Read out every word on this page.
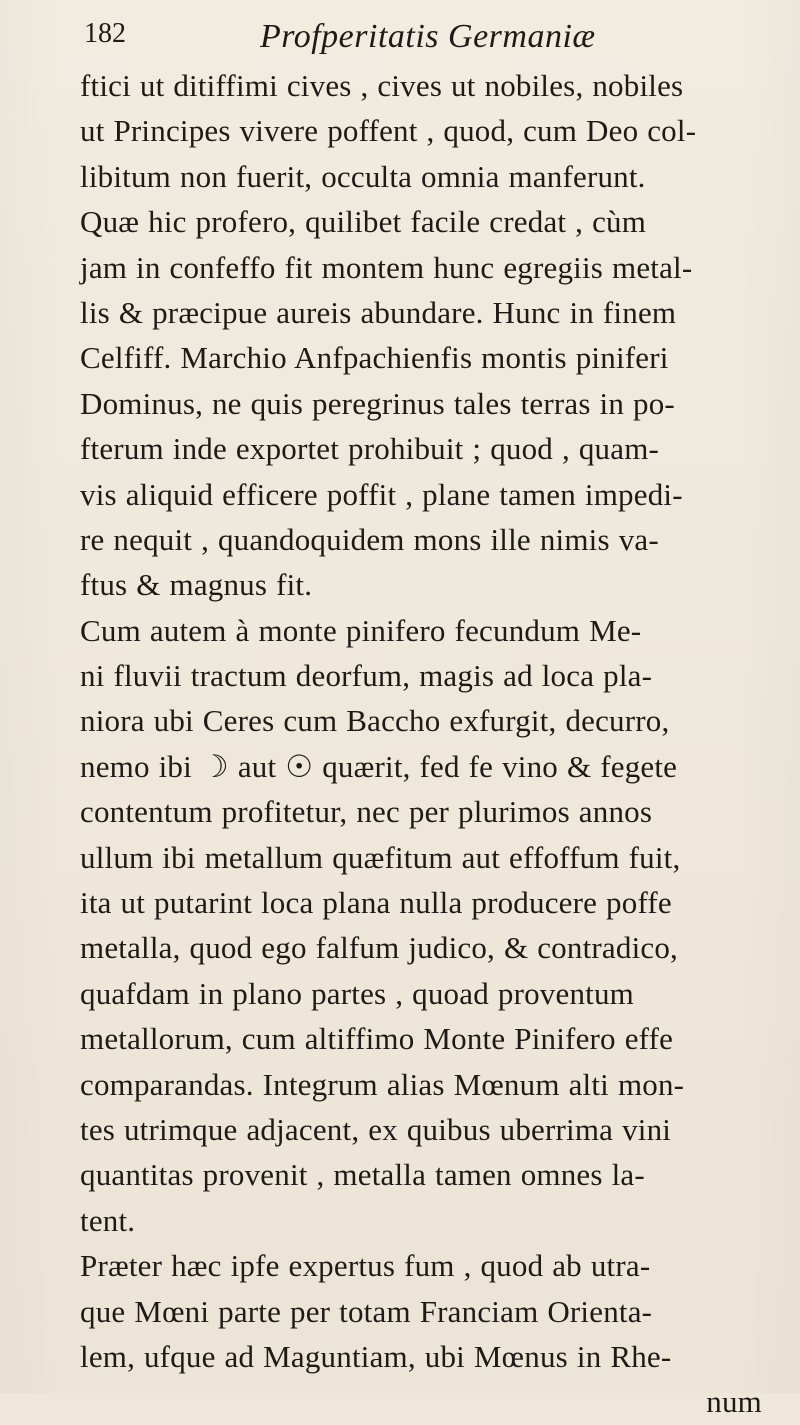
182	Profperitatis Germaniæ
ftici ut ditiffimi cives , cives ut nobiles, nobiles
ut Principes vivere poffent , quod, cum Deo col-
libitum non fuerit, occulta omnia manferunt.
Quæ hic profero, quilibet facile credat , cùm
jam in confeffo fit montem hunc egregiis metal-
lis & præcipue aureis abundare. Hunc in finem
Celfiff. Marchio Anfpachienfis montis piniferi
Dominus, ne quis peregrinus tales terras in po-
fterum inde exportet prohibuit ; quod , quam-
vis aliquid efficere poffit , plane tamen impedi-
re nequit , quandoquidem mons ille nimis va-
ftus & magnus fit.
Cum autem à monte pinifero fecundum Me-
ni fluvii tractum deorfum, magis ad loca pla-
niora ubi Ceres cum Baccho exfurgit, decurro,
nemo ibi ☽ aut ☉ quærit, fed fe vino & fegete
contentum profitetur, nec per plurimos annos
ullum ibi metallum quæfitum aut effoffum fuit,
ita ut putarint loca plana nulla producere poffe
metalla, quod ego falfum judico, & contradico,
quafdam in plano partes , quoad proventum
metallorum, cum altiffimo Monte Pinifero effe
comparandas. Integrum alias Mœnum alti mon-
tes utrimque adjacent, ex quibus uberrima vini
quantitas provenit , metalla tamen omnes la-
tent.
Præter hæc ipfe expertus fum , quod ab utra-
que Mœni parte per totam Franciam Orienta-
lem, ufque ad Maguntiam, ubi Mœnus in Rhe-
num
